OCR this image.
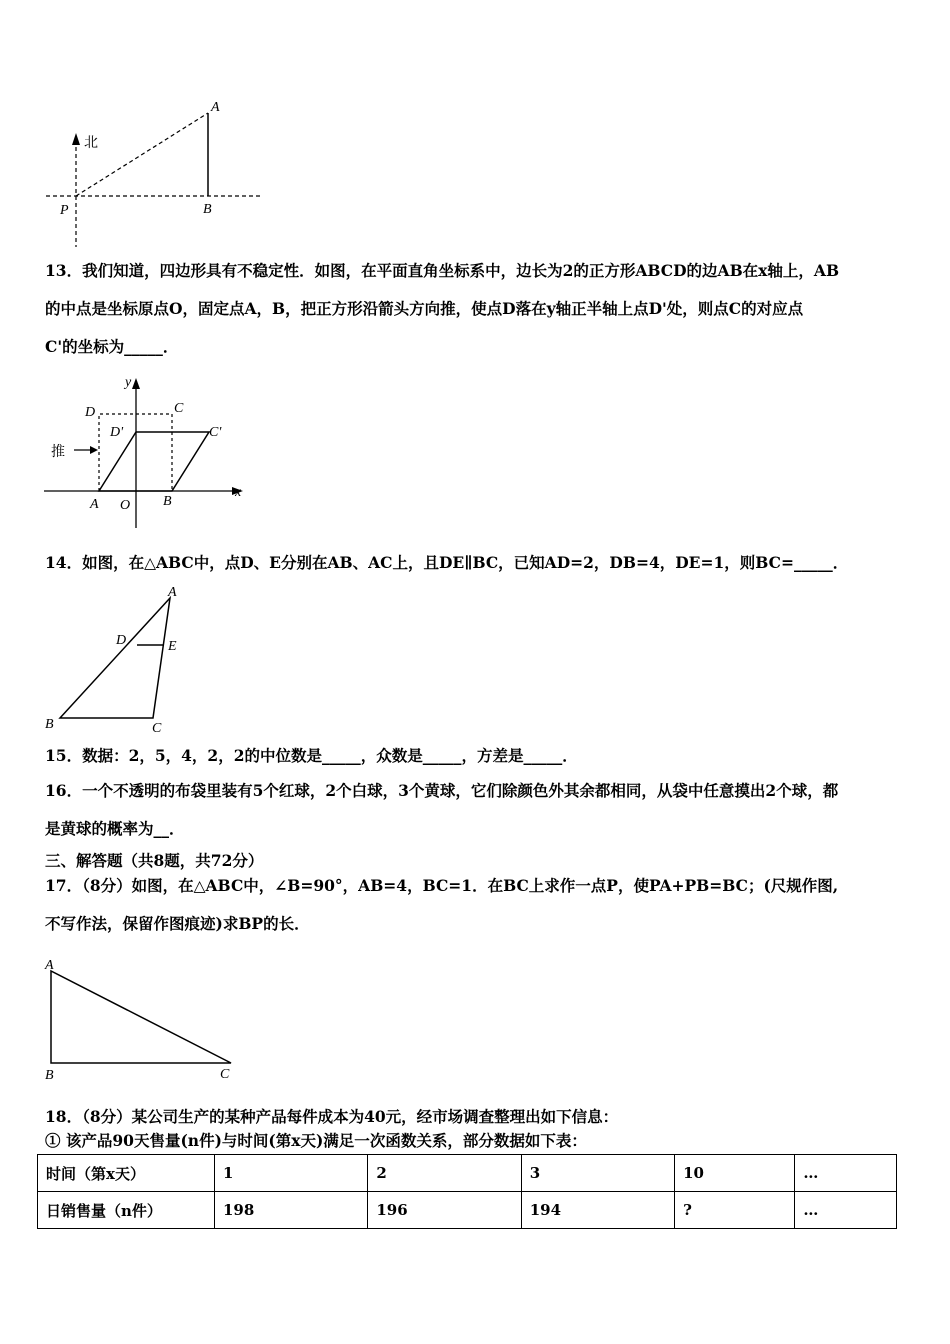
北
A
B
P
13．我们知道，四边形具有不稳定性．如图，在平面直角坐标系中，边长为2的正方形ABCD的边AB在x轴上，AB
的中点是坐标原点O，固定点A，B，把正方形沿箭头方向推，使点D落在y轴正半轴上点D'处，则点C的对应点
C'的坐标为_____．
y
x
D	C
D'	C'
推
A O B
14．如图，在△ABC中，点D、E分别在AB、AC上，且DE∥BC，已知AD=2，DB=4，DE=1，则BC=_____．
A
D	E
B	C
15．数据：2，5，4，2，2的中位数是_____，众数是_____，方差是_____．
16．一个不透明的布袋里装有5个红球，2个白球，3个黄球，它们除颜色外其余都相同，从袋中任意摸出2个球，都
是黄球的概率为__．
三、解答题（共8题，共72分）
17．（8分）如图，在△ABC中，∠B=90°，AB=4，BC=1．在BC上求作一点P，使PA+PB=BC；(尺规作图,
不写作法，保留作图痕迹)求BP的长．
A
B	C
18．（8分）某公司生产的某种产品每件成本为40元，经市场调查整理出如下信息：
① 该产品90天售量(n件)与时间(第x天)满足一次函数关系，部分数据如下表：
时间（第x天）	1	2	3	10	…
日销售量（n件）	198	196	194	?	…
